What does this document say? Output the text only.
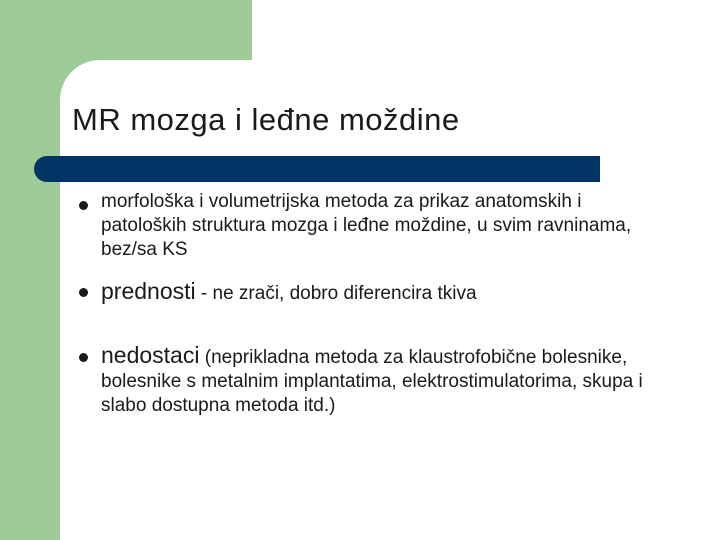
MR mozga i leđne moždine
morfološka i volumetrijska metoda za prikaz anatomskih i patoloških struktura mozga i leđne moždine, u svim ravninama, bez/sa KS
prednosti - ne zrači, dobro diferencira tkiva
nedostaci (neprikladna metoda za klaustrofobične bolesnike, bolesnike s metalnim implantatima, elektrostimulatorima, skupa i slabo dostupna metoda itd.)
